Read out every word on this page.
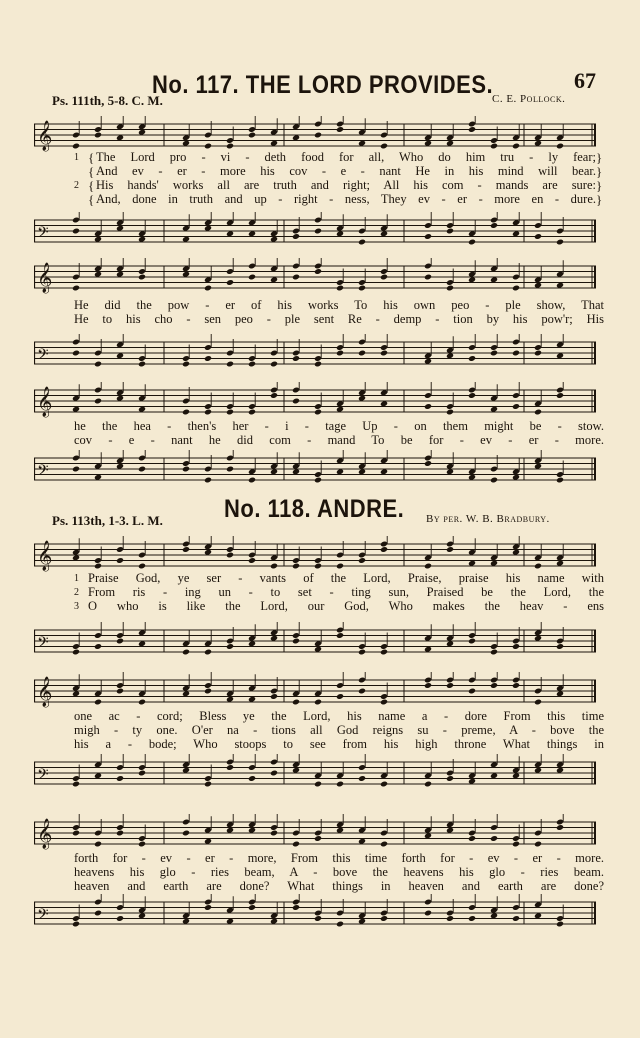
67
No. 117. THE LORD PROVIDES.
Ps. 111th, 5-8. C. M.	C. E. Pollock.
𝄞
1 { The Lord pro - vi - deth food for all, Who do him tru - ly fear; }
{ And ev - er - more his cov - e - nant He in his mind will bear. }
2 { His hands' works all are truth and right; All his com - mands are sure: }
{ And, done in truth and up - right - ness, They ev - er - more en - dure. }
𝄢
𝄞
He did the pow - er of his works To his own peo - ple show, That
He to his cho - sen peo - ple sent Re - demp - tion by his pow'r; His
𝄢
𝄞
he the hea - then's her - i - tage Up - on them might be - stow.
cov - e - nant he did com - mand To be for - ev - er - more.
𝄢
No. 118. ANDRE.
Ps. 113th, 1-3. L. M.	By per. W. B. Bradbury.
𝄞
1 Praise God, ye ser - vants of the Lord, Praise, praise his name with
2 From ris - ing un - to set - ting sun, Praised be the Lord, the
3 O who is like the Lord, our God, Who makes the heav - ens
𝄢
𝄞
one ac - cord; Bless ye the Lord, his name a - dore From this time
migh - ty one. O'er na - tions all God reigns su - preme, A - bove the
his a - bode; Who stoops to see from his high throne What things in
𝄢
𝄞
forth for - ev - er - more, From this time forth for - ev - er - more.
heavens his glo - ries beam, A - bove the heavens his glo - ries beam.
heaven and earth are done? What things in heaven and earth are done?
𝄢
